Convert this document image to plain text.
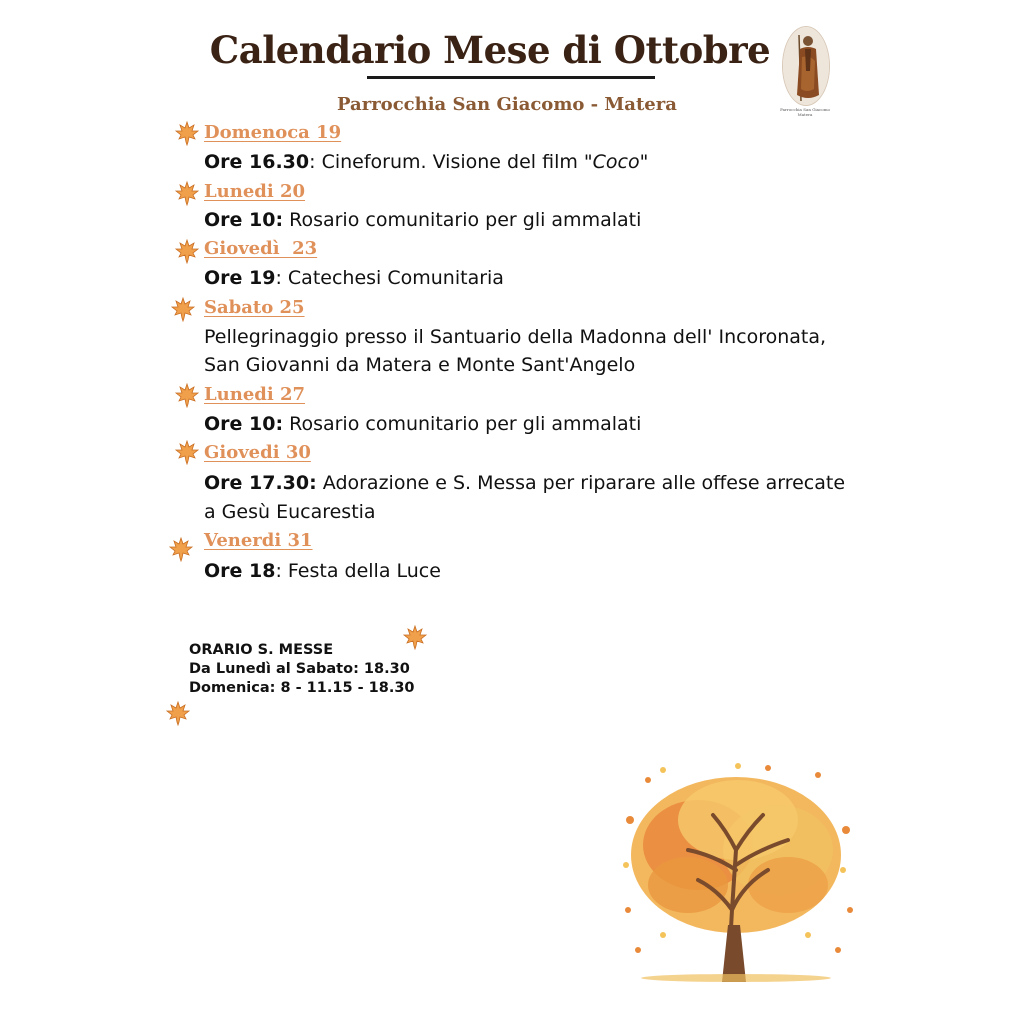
Calendario Mese di Ottobre
Parrocchia San Giacomo - Matera	Parrocchia San Giacomo Matera
Domenoca 19
Ore 16.30: Cineforum. Visione del film "Coco"
Lunedi 20
Ore 10: Rosario comunitario per gli ammalati
Giovedì  23
Ore 19: Catechesi Comunitaria
Sabato 25
Pellegrinaggio presso il Santuario della Madonna dell' Incoronata,
San Giovanni da Matera e Monte Sant'Angelo
Lunedi 27
Ore 10: Rosario comunitario per gli ammalati
Giovedi 30
Ore 17.30: Adorazione e S. Messa per riparare alle offese arrecate
a Gesù Eucarestia
Venerdi 31
Ore 18: Festa della Luce
ORARIO S. MESSE
Da Lunedì al Sabato: 18.30
Domenica: 8 - 11.15 - 18.30
